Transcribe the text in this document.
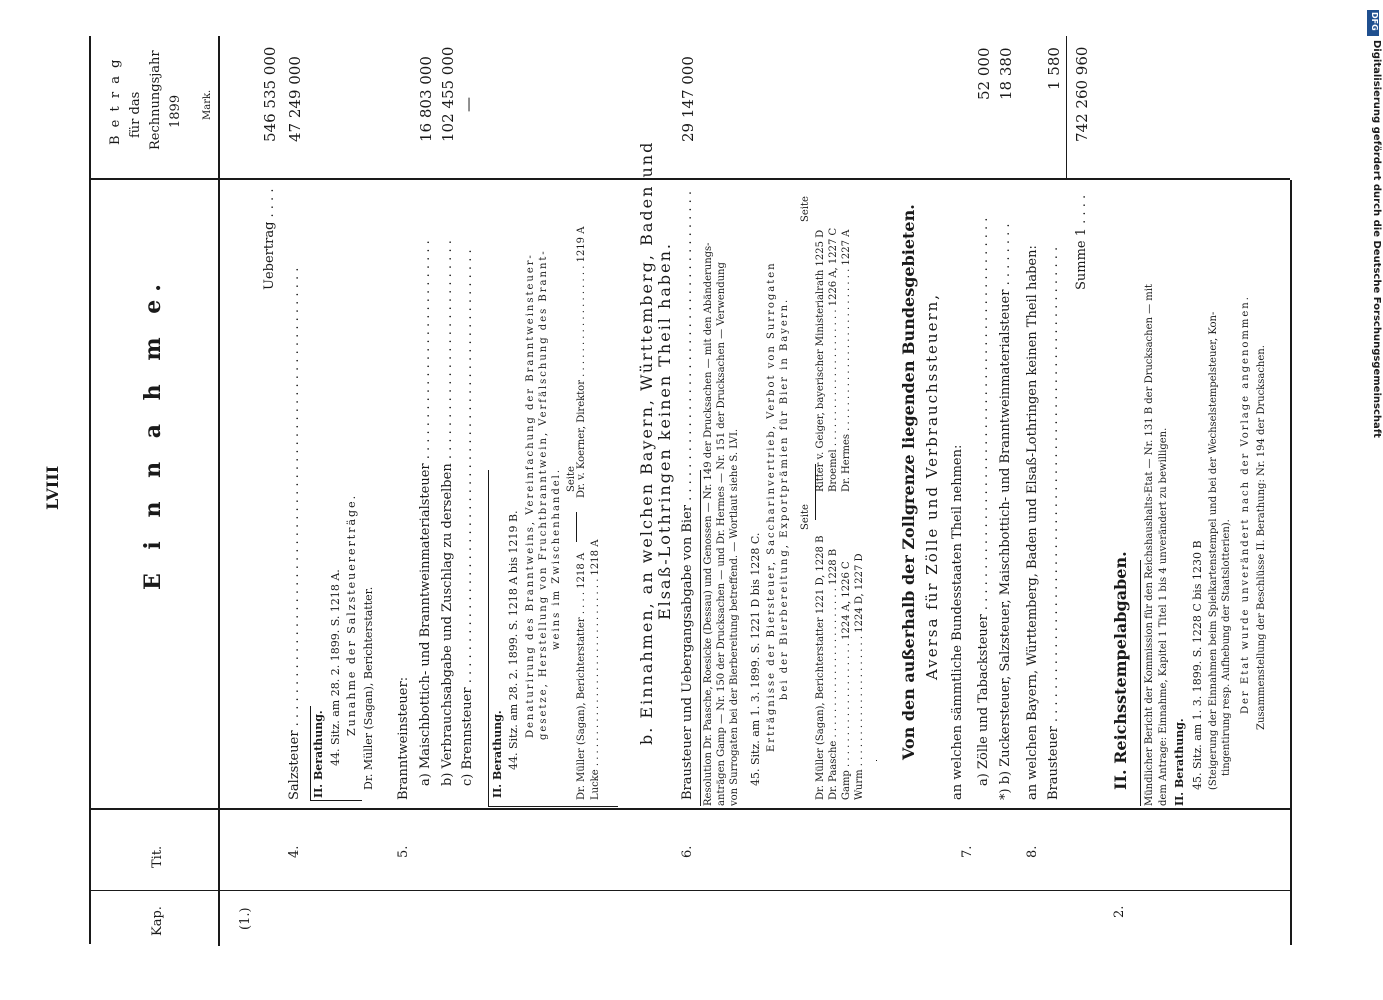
LVIII
Kap.
Tit.
E i n n a h m e.
B e t r a g für das Rechnungsjahr 1899 Mark.
(1.)
Uebertrag . . . .
546 535 000
4.
Salzsteuer . . . . . . . . . . . . . . . . . . . . . . . . . . . . . . . . . . . . . . . . . . . . . . . . . . . . . . . .
47 249 000
II. Berathung. 44. Sitz. am 28. 2. 1899. S. 1218 A. Zunahme der Salzsteuererträge. Dr. Müller (Sagan), Berichterstatter.
5.
Branntweinsteuer: a) Maischbottich- und Branntweinmaterialsteuer . . . . . . . . . . . . . . . . . . . . . . . . . . .
16 803 000
b) Verbrauchsabgabe und Zuschlag zu derselben . . . . . . . . . . . . . . . . . . . . . . . . . . .
102 455 000
c) Brennsteuer . . . . . . . . . . . . . . . . . . . . . . . . . . . . . . . . . . . . . . . . . . . . . . . . . . . . .
—
II. Berathung. 44. Sitz. am 28. 2. 1899. S. 1218 A bis 1219 B. Denaturirung des Branntweins, Vereinfachung der Branntweinsteuer- gesetze, Herstellung von Fruchtbranntwein, Verfälschung des Brannt- weins im Zwischenhandel. Seite
Dr. Müller (Sagan), Berichterstatter . . . . 1218 A Lucke . . . . . . . . . . . . . . . . . . . . . . . . . . . . . . 1218 A
Dr. v. Koerner, Direktor . . . . . . . . . . . . . . . . . . 1219 A	b. Einnahmen, an welchen Bayern, Württemberg, Baden und Elsaß-Lothringen keinen Theil haben.
6.
Brausteuer und Uebergangsabgabe von Bier . . . . . . . . . . . . . . . . . . . . . . . . . . . . . . . . . . . . . .
29 147 000
Resolution Dr. Paasche, Roesicke (Dessau) und Genossen — Nr. 149 der Drucksachen — mit den Abänderungs- anträgen Gamp — Nr. 150 der Drucksachen — und Dr. Hermes — Nr. 151 der Drucksachen — Verwendung von Surrogaten bei der Bierbereitung betreffend. — Wortlaut siehe S. LVI. 45. Sitz. am 1. 3. 1899. S. 1221 D bis 1228 C. Erträgnisse der Biersteuer, Saccharinvertrieb, Verbot von Surrogaten bei der Bierbereitung, Exportprämien für Bier in Bayern. Seite
Seite
Dr. Müller (Sagan), Berichterstatter 1221 D, 1228 B Dr. Paasche . . . . . . . . . . . . . . . . . . . . . . . . 1228 B Gamp . . . . . . . . . . . . . . . . . . . . 1224 A, 1226 C Wurm . . . . . . . . . . . . . . . . . . . . . 1224 D, 1227 D
Ritter v. Geiger, bayerischer Ministerialrath 1225 D Broemel . . . . . . . . . . . . . . . . . . . . . . 1226 A, 1227 C Dr. Hermes . . . . . . . . . . . . . . . . . . . . . . . . . . 1227 A	Von den außerhalb der Zollgrenze liegenden Bundesgebieten. Aversa für Zölle und Verbrauchssteuern, an welchen sämmtliche Bundesstaaten Theil nehmen:
7.
a) Zölle und Tabacksteuer . . . . . . . . . . . . . . . . . . . . . . . . . . . . . . . . . . . . . . . . . . . . . . . .
52 000
*) b) Zuckersteuer, Salzsteuer, Maischbottich- und Branntweinmaterialsteuer . . . . . . . .
18 380
8.
an welchen Bayern, Württemberg, Baden und Elsaß-Lothringen keinen Theil haben: Brausteuer . . . . . . . . . . . . . . . . . . . . . . . . . . . . . . . . . . . . . . . . . . . . . . . . . . . . . . . . . .
1 580
Summe 1 . . . .
742 260 960
2.
II. Reichsstempelabgaben. Mündlicher Bericht der Kommission für den Reichshaushalts-Etat — Nr. 131 B der Drucksachen — mit dem Antrage: Einnahme, Kapitel 1 Titel 1 bis 4 unverändert zu bewilligen. II. Berathung. 45. Sitz. am 1. 3. 1899. S. 1228 C bis 1230 B (Steigerung der Einnahmen beim Spielkartenstempel und bei der Wechselstempelsteuer, Kon- tingentirung resp. Aufhebung der Staatslotterien). Der Etat wurde unverändert nach der Vorlage angenommen. Zusammenstellung der Beschlüsse II. Berathung: Nr. 194 der Drucksachen.
Digitalisierung gefördert durch die Deutsche Forschungsgemeinschaft
DFG
